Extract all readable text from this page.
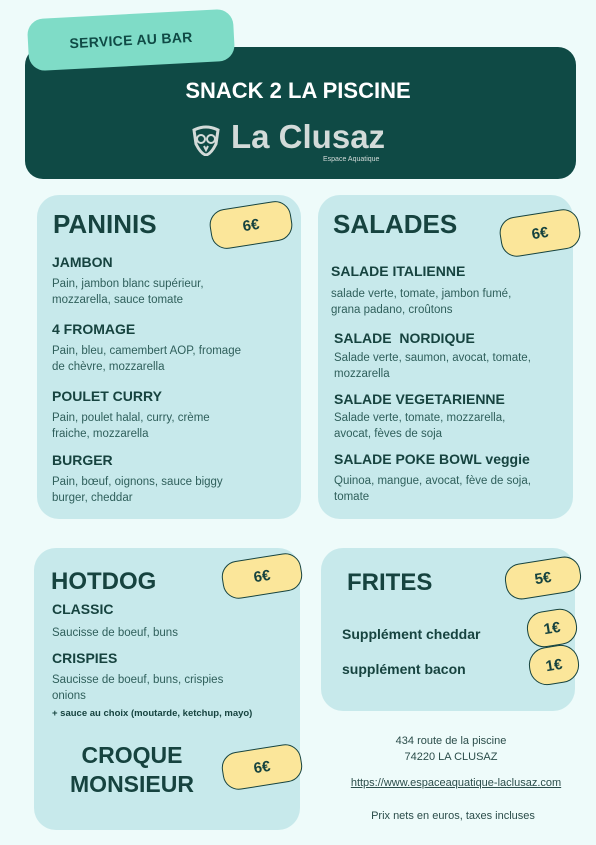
SERVICE AU BAR
SNACK 2 LA PISCINE
La Clusaz
Espace Aquatique
PANINIS	6€
JAMBON
Pain, jambon blanc supérieur,
mozzarella, sauce tomate
4 FROMAGE
Pain, bleu, camembert AOP, fromage
de chèvre, mozzarella
POULET CURRY
Pain, poulet halal, curry, crème
fraiche, mozzarella
BURGER
Pain, bœuf, oignons, sauce biggy
burger, cheddar
SALADES	6€
SALADE ITALIENNE
salade verte, tomate, jambon fumé,
grana padano, croûtons
SALADE  NORDIQUE
Salade verte, saumon, avocat, tomate,
mozzarella
SALADE VEGETARIENNE
Salade verte, tomate, mozzarella,
avocat, fèves de soja
SALADE POKE BOWL veggie
Quinoa, mangue, avocat, fève de soja,
tomate
HOTDOG	6€
CLASSIC
Saucisse de boeuf, buns
CRISPIES
Saucisse de boeuf, buns, crispies
onions
+ sauce au choix (moutarde, ketchup, mayo)
CROQUE
MONSIEUR
6€
FRITES	5€
Supplément cheddar	1€
supplément bacon	1€
434 route de la piscine
74220 LA CLUSAZ
https://www.espaceaquatique-laclusaz.com
Prix nets en euros, taxes incluses
